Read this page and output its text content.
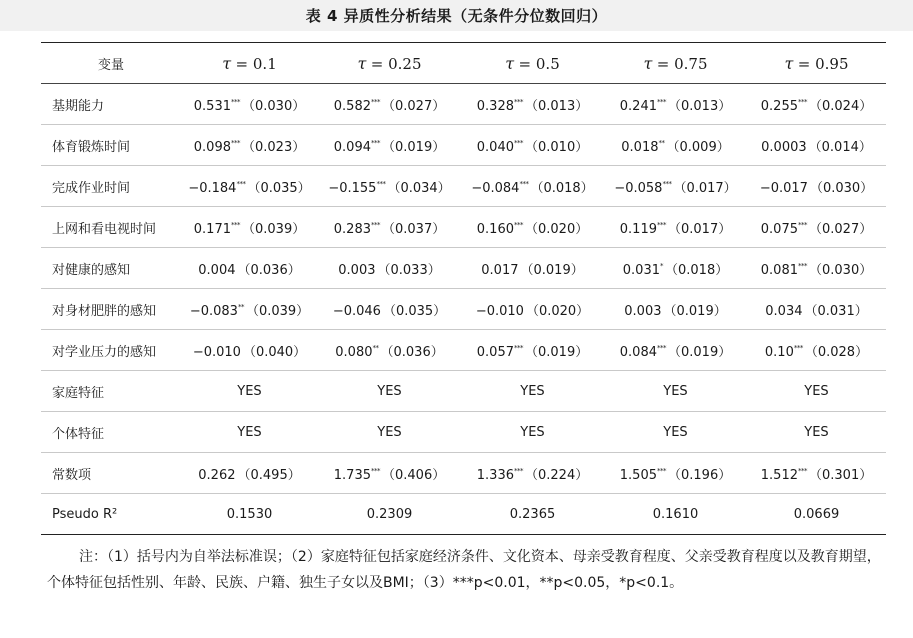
表 4 异质性分析结果（无条件分位数回归）
变量	τ = 0.1	τ = 0.25	τ = 0.5	τ = 0.75	τ = 0.95
基期能力	0.531*** （0.030）	0.582*** （0.027）	0.328*** （0.013）	0.241*** （0.013）	0.255*** （0.024）
体育锻炼时间	0.098*** （0.023）	0.094*** （0.019）	0.040*** （0.010）	0.018** （0.009）	0.0003 （0.014）
完成作业时间	−0.184*** （0.035）	−0.155*** （0.034）	−0.084*** （0.018）	−0.058*** （0.017）	−0.017 （0.030）
上网和看电视时间	0.171*** （0.039）	0.283*** （0.037）	0.160*** （0.020）	0.119*** （0.017）	0.075*** （0.027）
对健康的感知	0.004 （0.036）	0.003 （0.033）	0.017 （0.019）	0.031* （0.018）	0.081*** （0.030）
对身材肥胖的感知	−0.083** （0.039）	−0.046 （0.035）	−0.010 （0.020）	0.003 （0.019）	0.034 （0.031）
对学业压力的感知	−0.010 （0.040）	0.080** （0.036）	0.057*** （0.019）	0.084*** （0.019）	0.10*** （0.028）
家庭特征	YES	YES	YES	YES	YES
个体特征	YES	YES	YES	YES	YES
常数项	0.262 （0.495）	1.735*** （0.406）	1.336*** （0.224）	1.505*** （0.196）	1.512*** （0.301）
Pseudo R²	0.1530	0.2309	0.2365	0.1610	0.0669
注：（1）括号内为自举法标准误；（2）家庭特征包括家庭经济条件、文化资本、母亲受教育程度、父亲受教育程度以及教育期望，个体特征包括性别、年龄、民族、户籍、独生子女以及BMI；（3）***p<0.01，**p<0.05，*p<0.1。
